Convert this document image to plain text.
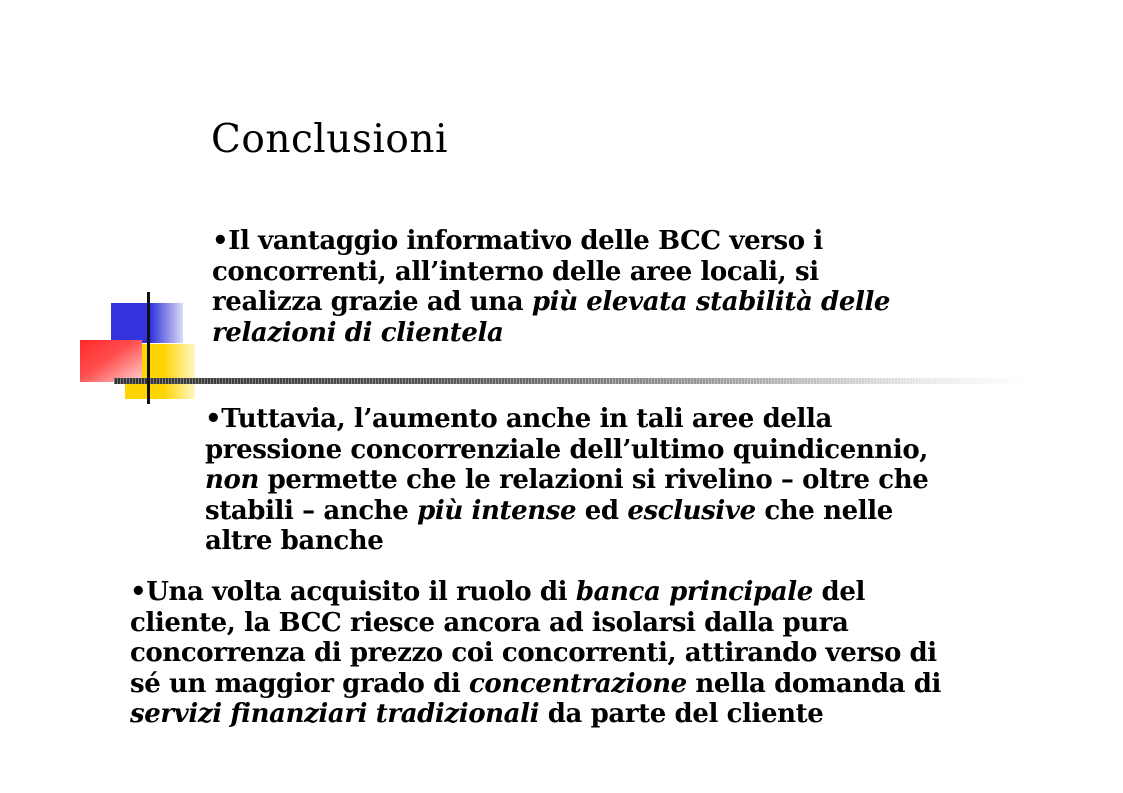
Conclusioni

•Il vantaggio informativo delle BCC verso i
concorrenti, all’interno delle aree locali, si
realizza grazie ad una più elevata stabilità delle
relazioni di clientela

•Tuttavia, l’aumento anche in tali aree della
pressione concorrenziale dell’ultimo quindicennio,
non permette che le relazioni si rivelino – oltre che
stabili – anche più intense ed esclusive che nelle
altre banche

•Una volta acquisito il ruolo di banca principale del
cliente, la BCC riesce ancora ad isolarsi dalla pura
concorrenza di prezzo coi concorrenti, attirando verso di
sé un maggior grado di concentrazione nella domanda di
servizi finanziari tradizionali da parte del cliente
